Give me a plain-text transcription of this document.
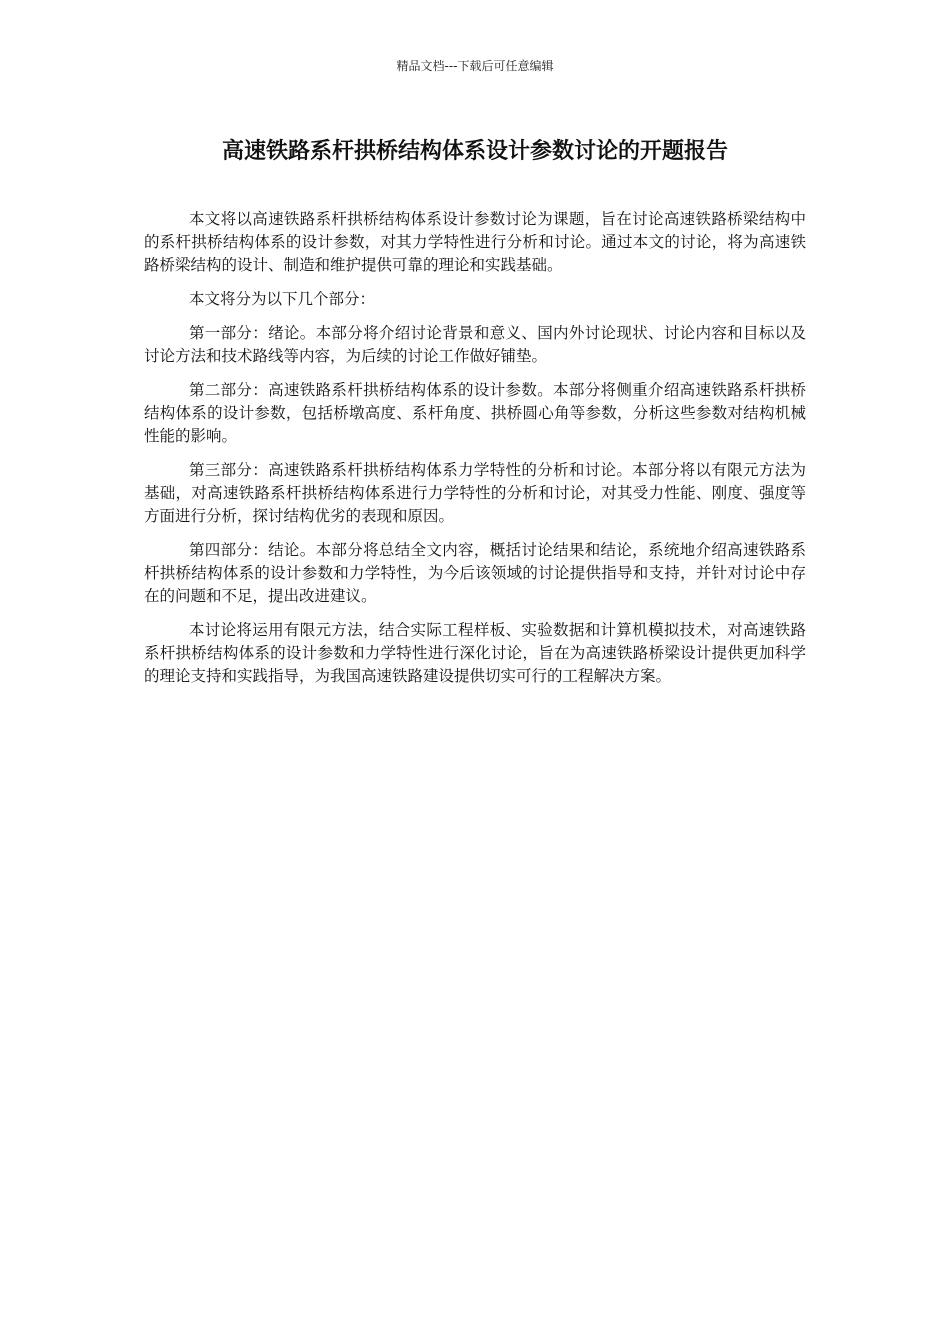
精品文档---下载后可任意编辑
高速铁路系杆拱桥结构体系设计参数讨论的开题报告

本文将以高速铁路系杆拱桥结构体系设计参数讨论为课题，旨在讨论高速铁路桥梁结构中的系杆拱桥结构体系的设计参数，对其力学特性进行分析和讨论。通过本文的讨论，将为高速铁路桥梁结构的设计、制造和维护提供可靠的理论和实践基础。

本文将分为以下几个部分：

第一部分：绪论。本部分将介绍讨论背景和意义、国内外讨论现状、讨论内容和目标以及讨论方法和技术路线等内容，为后续的讨论工作做好铺垫。

第二部分：高速铁路系杆拱桥结构体系的设计参数。本部分将侧重介绍高速铁路系杆拱桥结构体系的设计参数，包括桥墩高度、系杆角度、拱桥圆心角等参数，分析这些参数对结构机械性能的影响。

第三部分：高速铁路系杆拱桥结构体系力学特性的分析和讨论。本部分将以有限元方法为基础，对高速铁路系杆拱桥结构体系进行力学特性的分析和讨论，对其受力性能、刚度、强度等方面进行分析，探讨结构优劣的表现和原因。

第四部分：结论。本部分将总结全文内容，概括讨论结果和结论，系统地介绍高速铁路系杆拱桥结构体系的设计参数和力学特性，为今后该领域的讨论提供指导和支持，并针对讨论中存在的问题和不足，提出改进建议。

本讨论将运用有限元方法，结合实际工程样板、实验数据和计算机模拟技术，对高速铁路系杆拱桥结构体系的设计参数和力学特性进行深化讨论，旨在为高速铁路桥梁设计提供更加科学的理论支持和实践指导，为我国高速铁路建设提供切实可行的工程解决方案。
